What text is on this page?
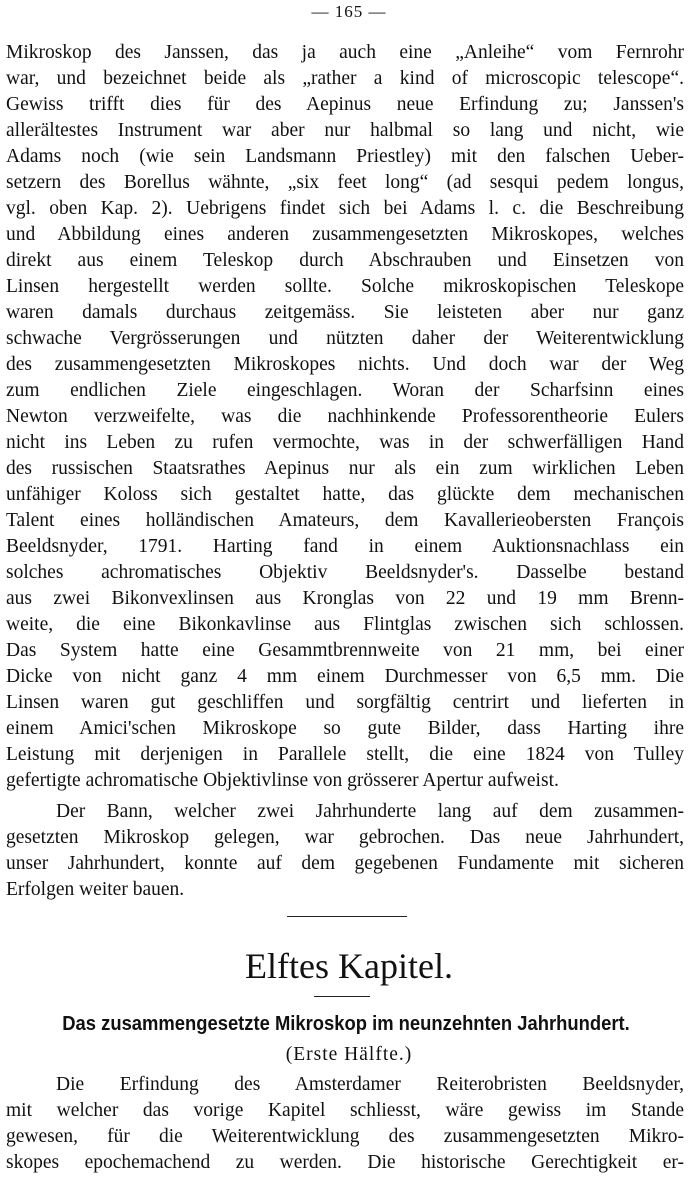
— 165 —
Mikroskop des Janssen, das ja auch eine „Anleihe“ vom Fernrohr
war, und bezeichnet beide als „rather a kind of microscopic telescope“.
Gewiss trifft dies für des Aepinus neue Erfindung zu; Janssen's
allerältestes Instrument war aber nur halbmal so lang und nicht, wie
Adams noch (wie sein Landsmann Priestley) mit den falschen Ueber-
setzern des Borellus wähnte, „six feet long“ (ad sesqui pedem longus,
vgl. oben Kap. 2). Uebrigens findet sich bei Adams l. c. die Beschreibung
und Abbildung eines anderen zusammengesetzten Mikroskopes, welches
direkt aus einem Teleskop durch Abschrauben und Einsetzen von
Linsen hergestellt werden sollte. Solche mikroskopischen Teleskope
waren damals durchaus zeitgemäss. Sie leisteten aber nur ganz
schwache Vergrösserungen und nützten daher der Weiterentwicklung
des zusammengesetzten Mikroskopes nichts. Und doch war der Weg
zum endlichen Ziele eingeschlagen. Woran der Scharfsinn eines
Newton verzweifelte, was die nachhinkende Professorentheorie Eulers
nicht ins Leben zu rufen vermochte, was in der schwerfälligen Hand
des russischen Staatsrathes Aepinus nur als ein zum wirklichen Leben
unfähiger Koloss sich gestaltet hatte, das glückte dem mechanischen
Talent eines holländischen Amateurs, dem Kavallerieobersten François
Beeldsnyder, 1791. Harting fand in einem Auktionsnachlass ein
solches achromatisches Objektiv Beeldsnyder's. Dasselbe bestand
aus zwei Bikonvexlinsen aus Kronglas von 22 und 19 mm Brenn-
weite, die eine Bikonkavlinse aus Flintglas zwischen sich schlossen.
Das System hatte eine Gesammtbrennweite von 21 mm, bei einer
Dicke von nicht ganz 4 mm einem Durchmesser von 6,5 mm. Die
Linsen waren gut geschliffen und sorgfältig centrirt und lieferten in
einem Amici'schen Mikroskope so gute Bilder, dass Harting ihre
Leistung mit derjenigen in Parallele stellt, die eine 1824 von Tulley
gefertigte achromatische Objektivlinse von grösserer Apertur aufweist.
Der Bann, welcher zwei Jahrhunderte lang auf dem zusammen-
gesetzten Mikroskop gelegen, war gebrochen. Das neue Jahrhundert,
unser Jahrhundert, konnte auf dem gegebenen Fundamente mit sicheren
Erfolgen weiter bauen.
Elftes Kapitel.
Das zusammengesetzte Mikroskop im neunzehnten Jahrhundert.
(Erste Hälfte.)
Die Erfindung des Amsterdamer Reiterobristen Beeldsnyder,
mit welcher das vorige Kapitel schliesst, wäre gewiss im Stande
gewesen, für die Weiterentwicklung des zusammengesetzten Mikro-
skopes epochemachend zu werden. Die historische Gerechtigkeit er-
